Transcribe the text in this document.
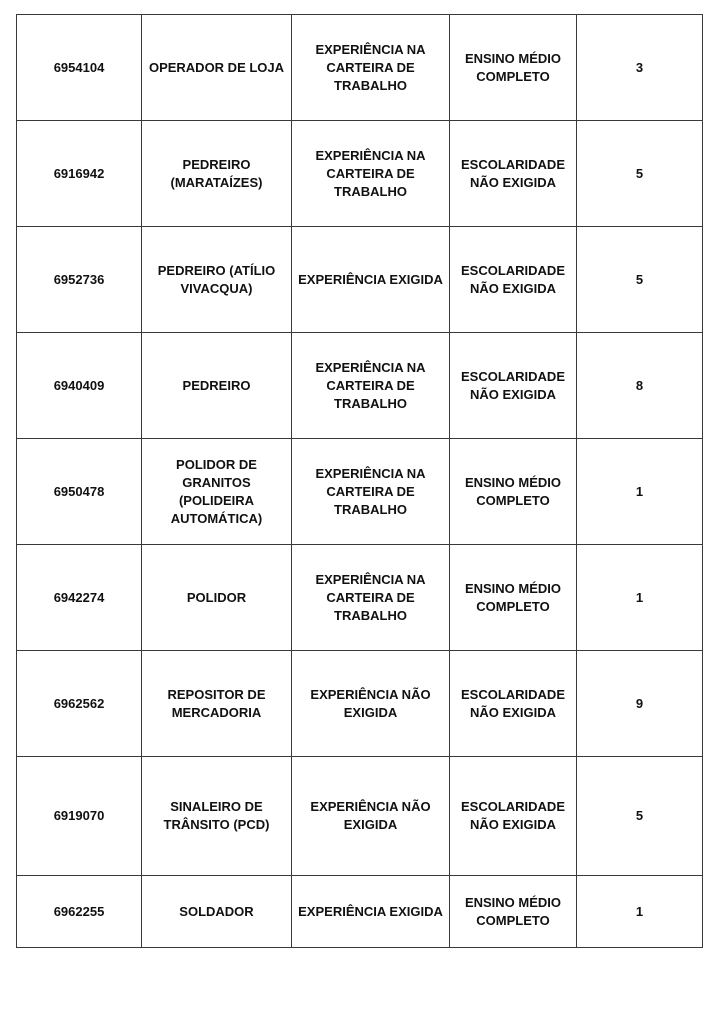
6954104	OPERADOR DE LOJA	EXPERIÊNCIA NA CARTEIRA DE TRABALHO	ENSINO MÉDIO COMPLETO	3
6916942	PEDREIRO (MARATAÍZES)	EXPERIÊNCIA NA CARTEIRA DE TRABALHO	ESCOLARIDADE NÃO EXIGIDA	5
6952736	PEDREIRO (ATÍLIO VIVACQUA)	EXPERIÊNCIA EXIGIDA	ESCOLARIDADE NÃO EXIGIDA	5
6940409	PEDREIRO	EXPERIÊNCIA NA CARTEIRA DE TRABALHO	ESCOLARIDADE NÃO EXIGIDA	8
6950478	POLIDOR DE GRANITOS (POLIDEIRA AUTOMÁTICA)	EXPERIÊNCIA NA CARTEIRA DE TRABALHO	ENSINO MÉDIO COMPLETO	1
6942274	POLIDOR	EXPERIÊNCIA NA CARTEIRA DE TRABALHO	ENSINO MÉDIO COMPLETO	1
6962562	REPOSITOR DE MERCADORIA	EXPERIÊNCIA NÃO EXIGIDA	ESCOLARIDADE NÃO EXIGIDA	9
6919070	SINALEIRO DE TRÂNSITO (PCD)	EXPERIÊNCIA NÃO EXIGIDA	ESCOLARIDADE NÃO EXIGIDA	5
6962255	SOLDADOR	EXPERIÊNCIA EXIGIDA	ENSINO MÉDIO COMPLETO	1
